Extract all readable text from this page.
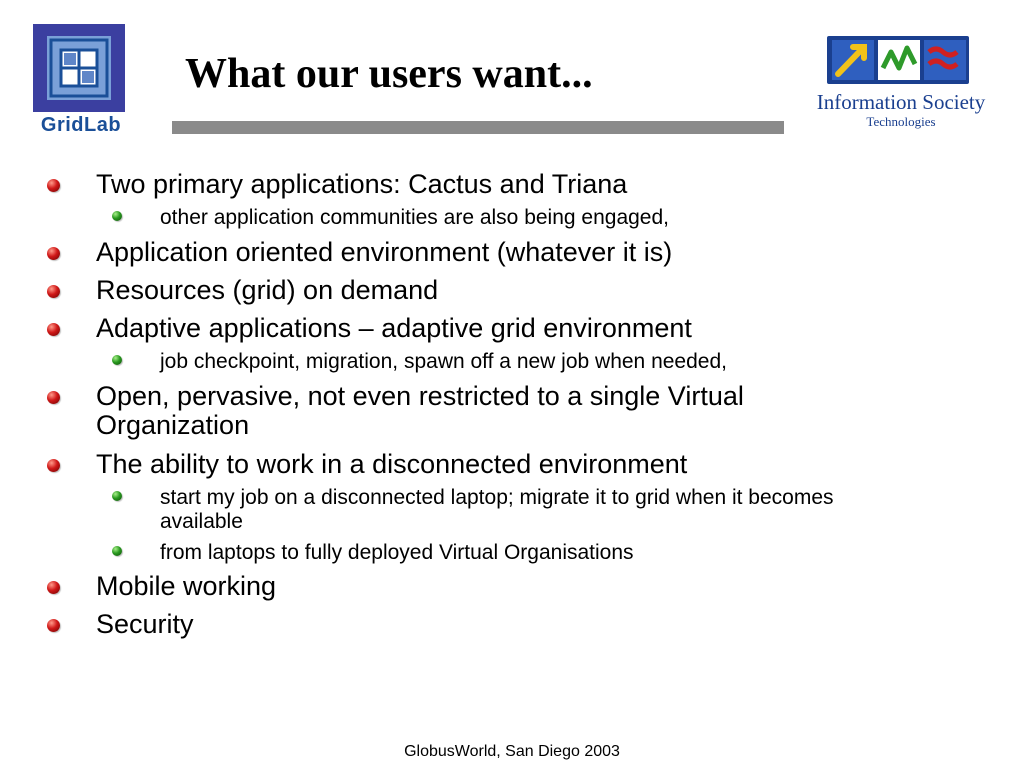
GridLab
What our users want...
Information Society
Technologies
Two primary applications: Cactus and Triana
other application communities are also being engaged,
Application oriented environment (whatever it is)
Resources (grid) on demand
Adaptive applications – adaptive grid environment
job checkpoint, migration, spawn off a new job when needed,
Open, pervasive, not even restricted to a single Virtual Organization
The ability to work in a disconnected environment
start my job on a disconnected laptop; migrate it to grid when it becomes available
from laptops to fully deployed Virtual Organisations
Mobile working
Security
GlobusWorld, San Diego 2003
